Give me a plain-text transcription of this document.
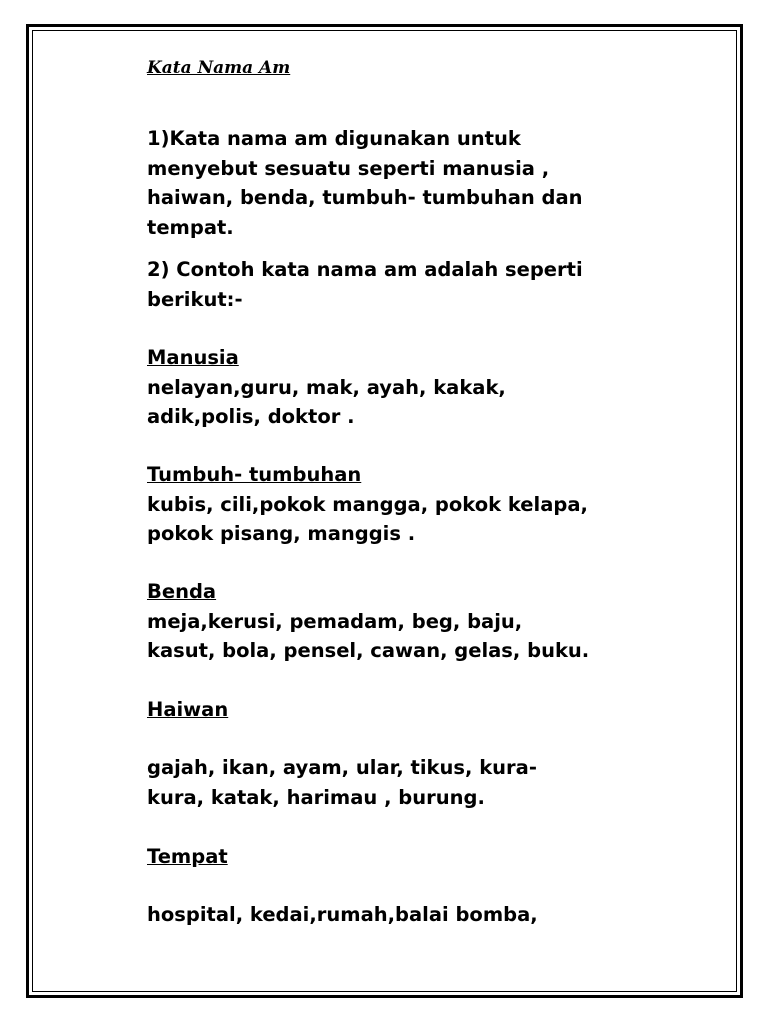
Kata Nama Am

1)Kata nama am digunakan untuk
menyebut sesuatu seperti manusia ,
haiwan, benda, tumbuh- tumbuhan dan
tempat.

2) Contoh kata nama am adalah seperti
berikut:-

Manusia
nelayan,guru, mak, ayah, kakak,
adik,polis, doktor .

Tumbuh- tumbuhan
kubis, cili,pokok mangga, pokok kelapa,
pokok pisang, manggis .

Benda
meja,kerusi, pemadam, beg, baju,
kasut, bola, pensel, cawan, gelas, buku.

Haiwan

gajah, ikan, ayam, ular, tikus, kura-
kura, katak, harimau , burung.

Tempat

hospital, kedai,rumah,balai bomba,
